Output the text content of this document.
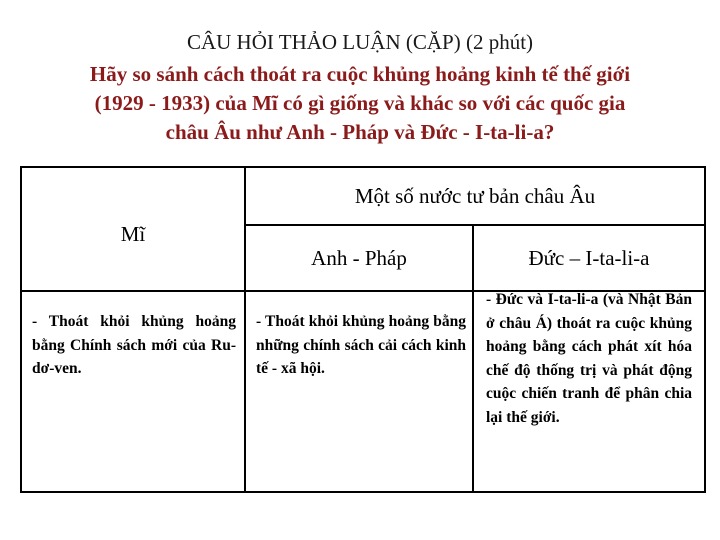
CÂU HỎI THẢO LUẬN (CẶP) (2 phút)
Hãy so sánh cách thoát ra cuộc khủng hoảng kinh tế thế giới
(1929 - 1933) của Mĩ có gì giống và khác so với các quốc gia
châu Âu như Anh - Pháp và Đức - I-ta-li-a?
Mĩ	Một số nước tư bản châu Âu	
	Anh - Pháp	Đức – I-ta-li-a

- Thoát khỏi khủng hoảng bằng Chính sách mới của Ru-dơ-ven.	- Thoát khỏi khủng hoảng bằng những chính sách cải cách kinh tế - xã hội.	- Đức và I-ta-li-a (và Nhật Bản ở châu Á) thoát ra cuộc khủng hoảng bằng cách phát xít hóa chế độ thống trị và phát động cuộc chiến tranh để phân chia lại thế giới.
